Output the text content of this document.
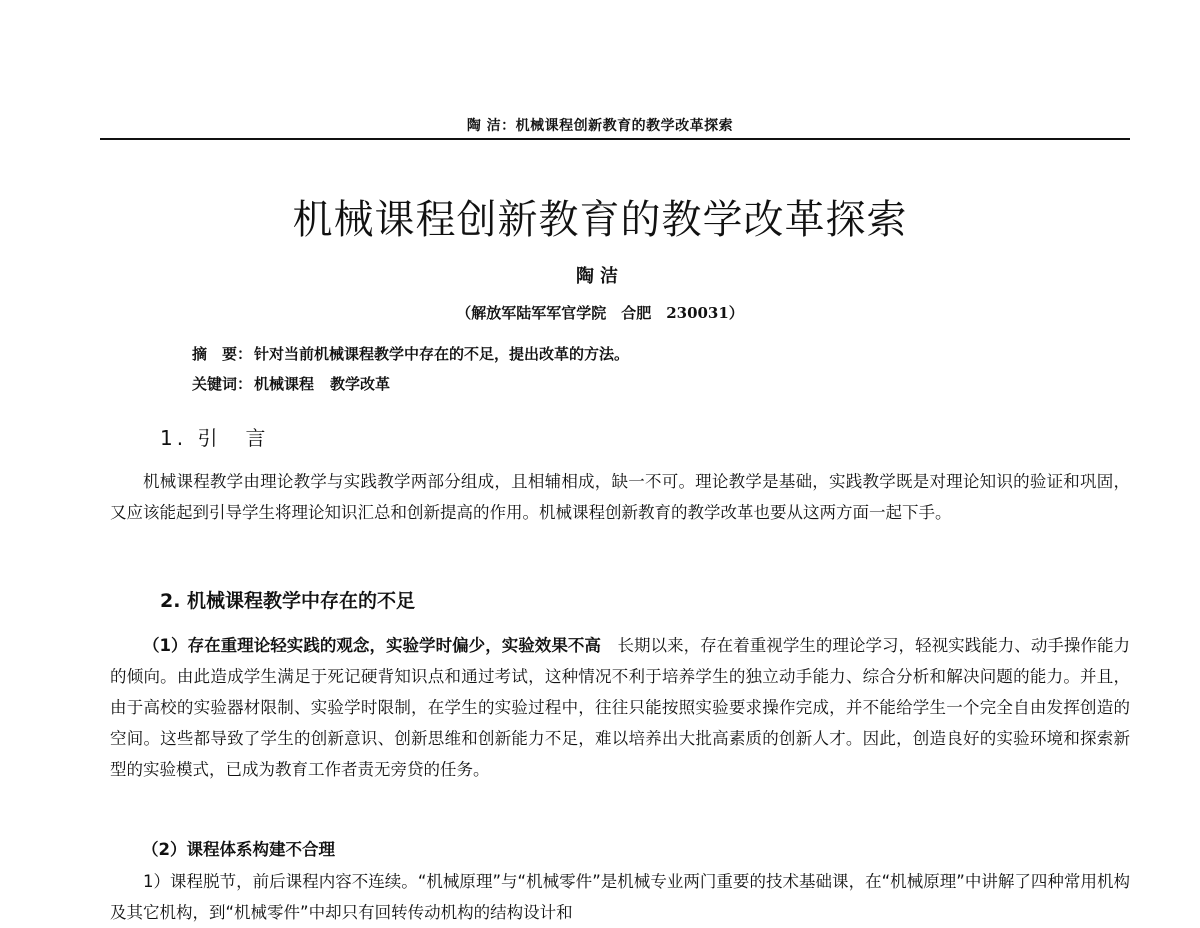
陶 洁：机械课程创新教育的教学改革探索
机械课程创新教育的教学改革探索
陶洁
（解放军陆军军官学院　合肥　230031）
摘　要： 针对当前机械课程教学中存在的不足，提出改革的方法。
关键词： 机械课程 教学改革
1. 引　言

机械课程教学由理论教学与实践教学两部分组成，且相辅相成，缺一不可。理论教学是基础，实践教学既是对理论知识的验证和巩固，又应该能起到引导学生将理论知识汇总和创新提高的作用。机械课程创新教育的教学改革也要从这两方面一起下手。

2. 机械课程教学中存在的不足

（1）存在重理论轻实践的观念，实验学时偏少，实验效果不高　长期以来，存在着重视学生的理论学习，轻视实践能力、动手操作能力的倾向。由此造成学生满足于死记硬背知识点和通过考试，这种情况不利于培养学生的独立动手能力、综合分析和解决问题的能力。并且，由于高校的实验器材限制、实验学时限制，在学生的实验过程中，往往只能按照实验要求操作完成，并不能给学生一个完全自由发挥创造的空间。这些都导致了学生的创新意识、创新思维和创新能力不足，难以培养出大批高素质的创新人才。因此，创造良好的实验环境和探索新型的实验模式，已成为教育工作者责无旁贷的任务。

（2）课程体系构建不合理

1）课程脱节，前后课程内容不连续。“机械原理”与“机械零件”是机械专业两门重要的技术基础课，在“机械原理”中讲解了四种常用机构及其它机构，到“机械零件”中却只有回转传动机构的结构设计和
